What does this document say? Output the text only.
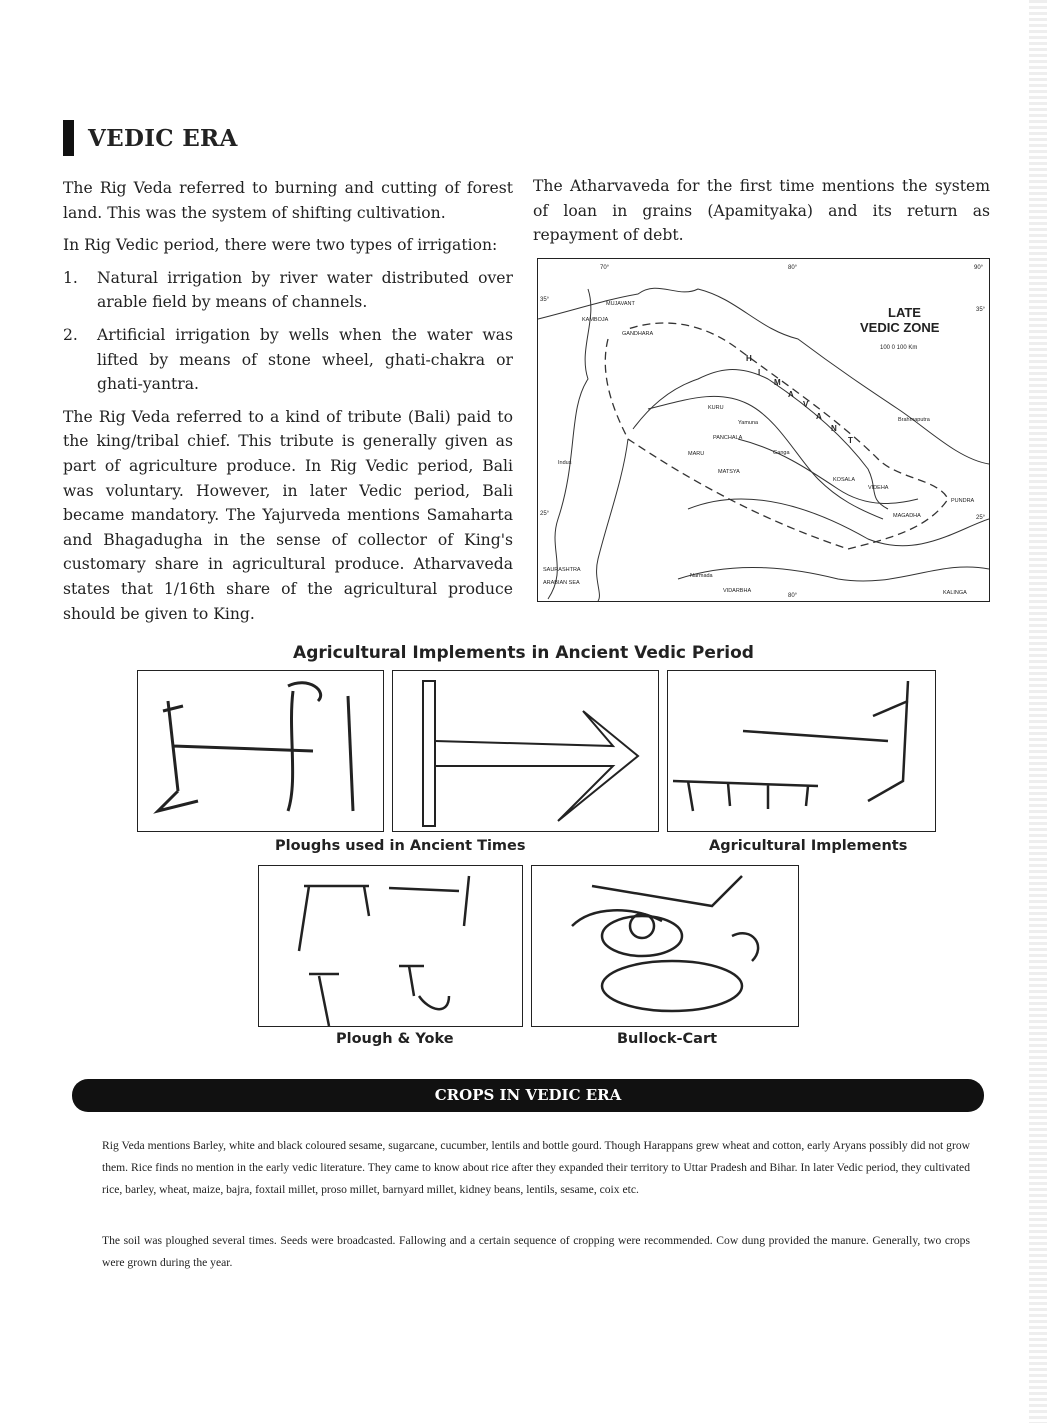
VEDIC ERA

The Rig Veda referred to burning and cutting of forest land. This was the system of shifting cultivation.

In Rig Vedic period, there were two types of irrigation:

1.	Natural irrigation by river water distributed over arable field by means of channels.
2.	Artificial irrigation by wells when the water was lifted by means of stone wheel, ghati-chakra or ghati-yantra.

The Rig Veda referred to a kind of tribute (Bali) paid to the king/tribal chief. This tribute is generally given as part of agriculture produce. In Rig Vedic period, Bali was voluntary. However, in later Vedic period, Bali became mandatory. The Yajurveda mentions Samaharta and Bhagadugha in the sense of collector of King's customary share in agricultural produce. Atharvaveda states that 1/16th share of the agricultural produce should be given to King.

The Atharvaveda for the first time mentions the system of loan in grains (Apamityaka) and its return as repayment of debt.

LATE
VEDIC ZONE
100 0 100 Km
70°	80°	90°
80°
35°
35°
25°
25°
MUJAVANT
KAMBOJA
GANDHARA
KURU
PANCHALA
MARU
MATSYA
KOSALA
VIDEHA
MAGADHA
PUNDRA
Brahmaputra
Narmada
VIDARBHA
SAURASHTRA
ARABIAN SEA
KALINGA
Indus
Yamuna
Ganga
H
I
M
A
V
A
N
T
Agricultural Implements in Ancient Vedic Period
Ploughs used in Ancient Times	Agricultural Implements
Plough & Yoke	Bullock-Cart
CROPS IN VEDIC ERA
Rig Veda mentions Barley, white and black coloured sesame, sugarcane, cucumber, lentils and bottle gourd. Though Harappans grew wheat and cotton, early Aryans possibly did not grow them. Rice finds no mention in the early vedic literature. They came to know about rice after they expanded their territory to Uttar Pradesh and Bihar. In later Vedic period, they cultivated rice, barley, wheat, maize, bajra, foxtail millet, proso millet, barnyard millet, kidney beans, lentils, sesame, coix etc.
The soil was ploughed several times. Seeds were broadcasted. Fallowing and a certain sequence of cropping were recommended. Cow dung provided the manure. Generally, two crops were grown during the year.
